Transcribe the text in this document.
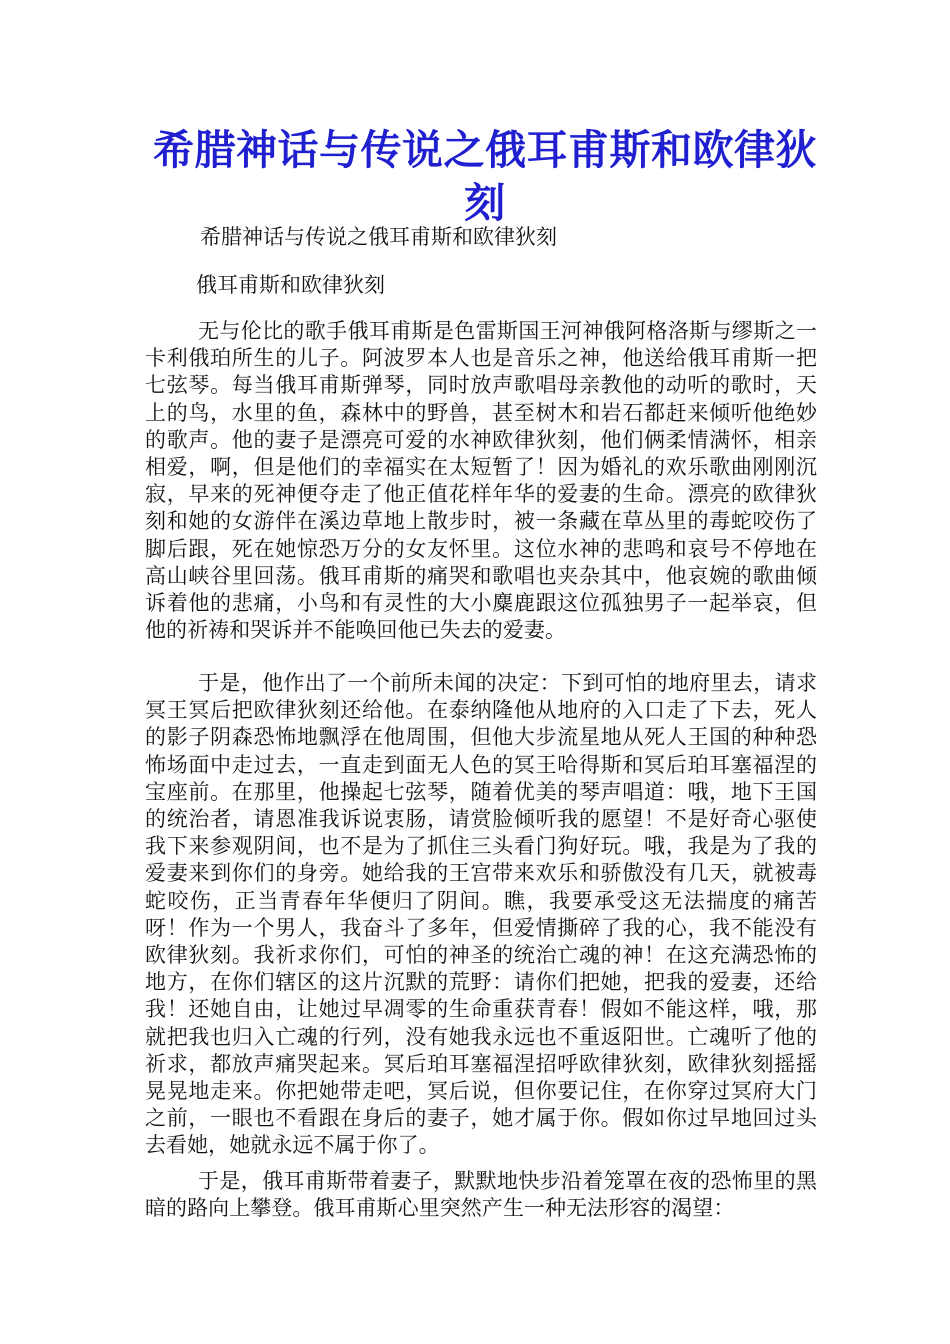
希腊神话与传说之俄耳甫斯和欧律狄刻

希腊神话与传说之俄耳甫斯和欧律狄刻

俄耳甫斯和欧律狄刻

无与伦比的歌手俄耳甫斯是色雷斯国王河神俄阿格洛斯与缪斯之一卡利俄珀所生的儿子。阿波罗本人也是音乐之神，他送给俄耳甫斯一把七弦琴。每当俄耳甫斯弹琴，同时放声歌唱母亲教他的动听的歌时，天上的鸟，水里的鱼，森林中的野兽，甚至树木和岩石都赶来倾听他绝妙的歌声。他的妻子是漂亮可爱的水神欧律狄刻，他们俩柔情满怀，相亲相爱，啊，但是他们的幸福实在太短暂了！因为婚礼的欢乐歌曲刚刚沉寂，早来的死神便夺走了他正值花样年华的爱妻的生命。漂亮的欧律狄刻和她的女游伴在溪边草地上散步时，被一条藏在草丛里的毒蛇咬伤了脚后跟，死在她惊恐万分的女友怀里。这位水神的悲鸣和哀号不停地在高山峡谷里回荡。俄耳甫斯的痛哭和歌唱也夹杂其中，他哀婉的歌曲倾诉着他的悲痛，小鸟和有灵性的大小麋鹿跟这位孤独男子一起举哀，但他的祈祷和哭诉并不能唤回他已失去的爱妻。

于是，他作出了一个前所未闻的决定：下到可怕的地府里去，请求冥王冥后把欧律狄刻还给他。在泰纳隆他从地府的入口走了下去，死人的影子阴森恐怖地飘浮在他周围，但他大步流星地从死人王国的种种恐怖场面中走过去，一直走到面无人色的冥王哈得斯和冥后珀耳塞福涅的宝座前。在那里，他操起七弦琴，随着优美的琴声唱道：哦，地下王国的统治者，请恩准我诉说衷肠，请赏脸倾听我的愿望！不是好奇心驱使我下来参观阴间，也不是为了抓住三头看门狗好玩。哦，我是为了我的爱妻来到你们的身旁。她给我的王宫带来欢乐和骄傲没有几天，就被毒蛇咬伤，正当青春年华便归了阴间。瞧，我要承受这无法揣度的痛苦呀！作为一个男人，我奋斗了多年，但爱情撕碎了我的心，我不能没有欧律狄刻。我祈求你们，可怕的神圣的统治亡魂的神！在这充满恐怖的地方，在你们辖区的这片沉默的荒野：请你们把她，把我的爱妻，还给我！还她自由，让她过早凋零的生命重获青春！假如不能这样，哦，那就把我也归入亡魂的行列，没有她我永远也不重返阳世。亡魂听了他的祈求，都放声痛哭起来。冥后珀耳塞福涅招呼欧律狄刻，欧律狄刻摇摇晃晃地走来。你把她带走吧，冥后说，但你要记住，在你穿过冥府大门之前，一眼也不看跟在身后的妻子，她才属于你。假如你过早地回过头去看她，她就永远不属于你了。

于是，俄耳甫斯带着妻子，默默地快步沿着笼罩在夜的恐怖里的黑暗的路向上攀登。俄耳甫斯心里突然产生一种无法形容的渴望：
